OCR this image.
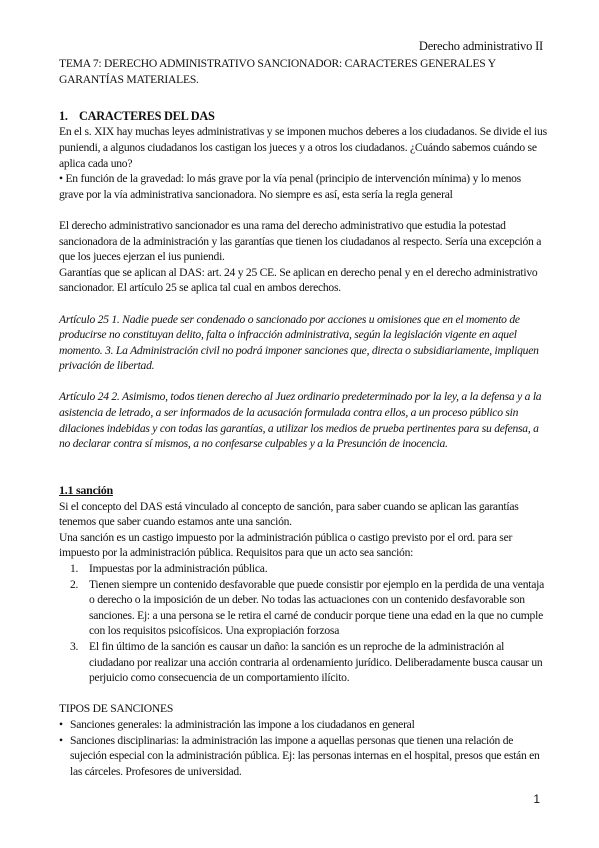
Derecho administrativo II

TEMA 7: DERECHO ADMINISTRATIVO SANCIONADOR: CARACTERES GENERALES Y GARANTÍAS MATERIALES.

1. CARACTERES DEL DAS

En el s. XIX hay muchas leyes administrativas y se imponen muchos deberes a los ciudadanos. Se divide el ius puniendi, a algunos ciudadanos los castigan los jueces y a otros los ciudadanos. ¿Cuándo sabemos cuándo se aplica cada uno?

• En función de la gravedad: lo más grave por la vía penal (principio de intervención mínima) y lo menos grave por la vía administrativa sancionadora. No siempre es así, esta sería la regla general

El derecho administrativo sancionador es una rama del derecho administrativo que estudia la potestad sancionadora de la administración y las garantías que tienen los ciudadanos al respecto. Sería una excepción a que los jueces ejerzan el ius puniendi.

Garantías que se aplican al DAS: art. 24 y 25 CE. Se aplican en derecho penal y en el derecho administrativo sancionador. El artículo 25 se aplica tal cual en ambos derechos.

Artículo 25 1. Nadie puede ser condenado o sancionado por acciones u omisiones que en el momento de producirse no constituyan delito, falta o infracción administrativa, según la legislación vigente en aquel momento. 3. La Administración civil no podrá imponer sanciones que, directa o subsidiariamente, impliquen privación de libertad.

Artículo 24 2. Asimismo, todos tienen derecho al Juez ordinario predeterminado por la ley, a la defensa y a la asistencia de letrado, a ser informados de la acusación formulada contra ellos, a un proceso público sin dilaciones indebidas y con todas las garantías, a utilizar los medios de prueba pertinentes para su defensa, a no declarar contra sí mismos, a no confesarse culpables y a la Presunción de inocencia.

1.1 sanción

Si el concepto del DAS está vinculado al concepto de sanción, para saber cuando se aplican las garantías tenemos que saber cuando estamos ante una sanción.

Una sanción es un castigo impuesto por la administración pública o castigo previsto por el ord. para ser impuesto por la administración pública. Requisitos para que un acto sea sanción:

1. Impuestas por la administración pública.
2. Tienen siempre un contenido desfavorable que puede consistir por ejemplo en la perdida de una ventaja o derecho o la imposición de un deber. No todas las actuaciones con un contenido desfavorable son sanciones. Ej: a una persona se le retira el carné de conducir porque tiene una edad en la que no cumple con los requisitos psicofísicos. Una expropiación forzosa
3. El fin último de la sanción es causar un daño: la sanción es un reproche de la administración al ciudadano por realizar una acción contraria al ordenamiento jurídico. Deliberadamente busca causar un perjuicio como consecuencia de un comportamiento ilícito.

TIPOS DE SANCIONES

• Sanciones generales: la administración las impone a los ciudadanos en general
• Sanciones disciplinarias: la administración las impone a aquellas personas que tienen una relación de sujeción especial con la administración pública. Ej: las personas internas en el hospital, presos que están en las cárceles. Profesores de universidad.
1
